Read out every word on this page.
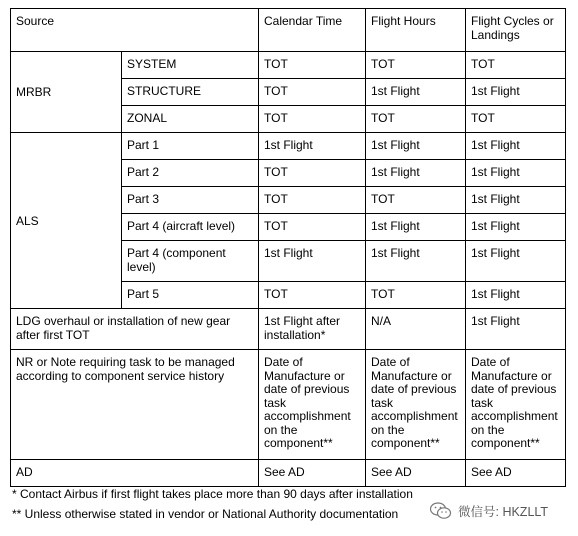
Source		Calendar Time	Flight Hours	Flight Cycles or Landings
MRBR	SYSTEM	TOT	TOT	TOT
	STRUCTURE	TOT	1st Flight	1st Flight
	ZONAL	TOT	TOT	TOT
ALS	Part 1	1st Flight	1st Flight	1st Flight
	Part 2	TOT	1st Flight	1st Flight
	Part 3	TOT	TOT	1st Flight
	Part 4 (aircraft level)	TOT	1st Flight	1st Flight
	Part 4 (component level)	1st Flight	1st Flight	1st Flight
	Part 5	TOT	TOT	1st Flight
LDG overhaul or installation of new gear after first TOT		1st Flight after installation*	N/A	1st Flight
NR or Note requiring task to be managed according to component service history		Date of Manufacture or date of previous task accomplishment on the component**	Date of Manufacture or date of previous task accomplishment on the component**	Date of Manufacture or date of previous task accomplishment on the component**
AD		See AD	See AD	See AD
* Contact Airbus if first flight takes place more than 90 days after installation
** Unless otherwise stated in vendor or National Authority documentation	微信号: HKZLLT
